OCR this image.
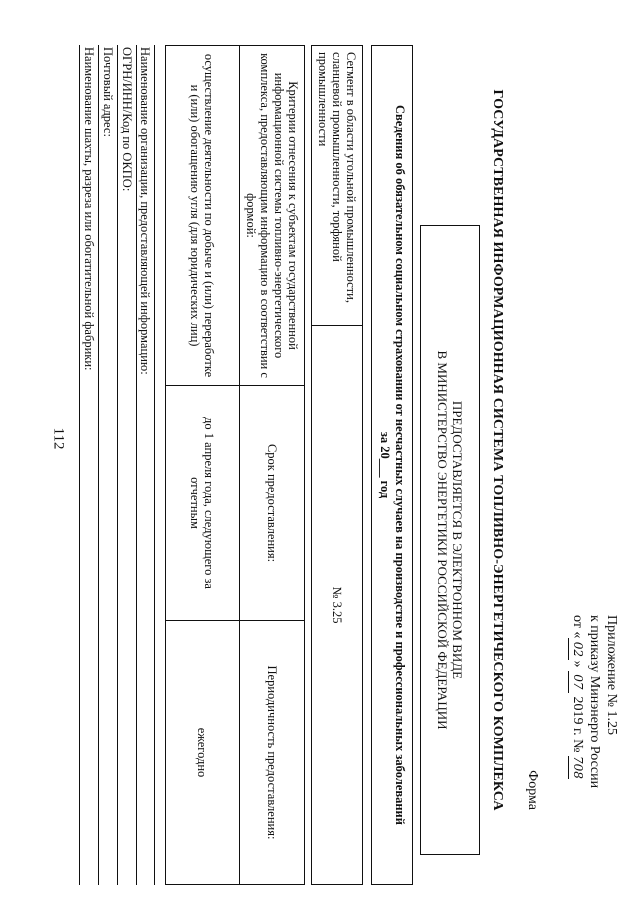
112
Приложение № 1.25
к приказу Минэнерго России
от «02» 07 2019 г. № 708
Форма
ГОСУДАРСТВЕННАЯ ИНФОРМАЦИОННАЯ СИСТЕМА ТОПЛИВНО-ЭНЕРГЕТИЧЕСКОГО КОМПЛЕКСА
ПРЕДОСТАВЛЯЕТСЯ В ЭЛЕКТРОННОМ ВИДЕ
В МИНИСТЕРСТВО ЭНЕРГЕТИКИ РОССИЙСКОЙ ФЕДЕРАЦИИ
Сведения об обязательном социальном страховании от несчастных случаев на производстве и профессиональных заболеваний
за 20___ год
Сегмент в области угольной промышленности, сланцевой промышленности, торфяной промышленности	№ 3.25
Критерии отнесения к субъектам государственной информационной системы топливно-энергетического комплекса, предоставляющим информацию в соответствии с формой:	Срок предоставления:	Периодичность предоставления:
осуществление деятельности по добыче и (или) переработке и (или) обогащению угля (для юридических лиц)	до 1 апреля года, следующего за отчетным	ежегодно
Наименование организации, предоставляющей информацию:
ОГРН/ИНН/Код по ОКПО:
Почтовый адрес:
Наименование шахты, разреза или обогатительной фабрики:
